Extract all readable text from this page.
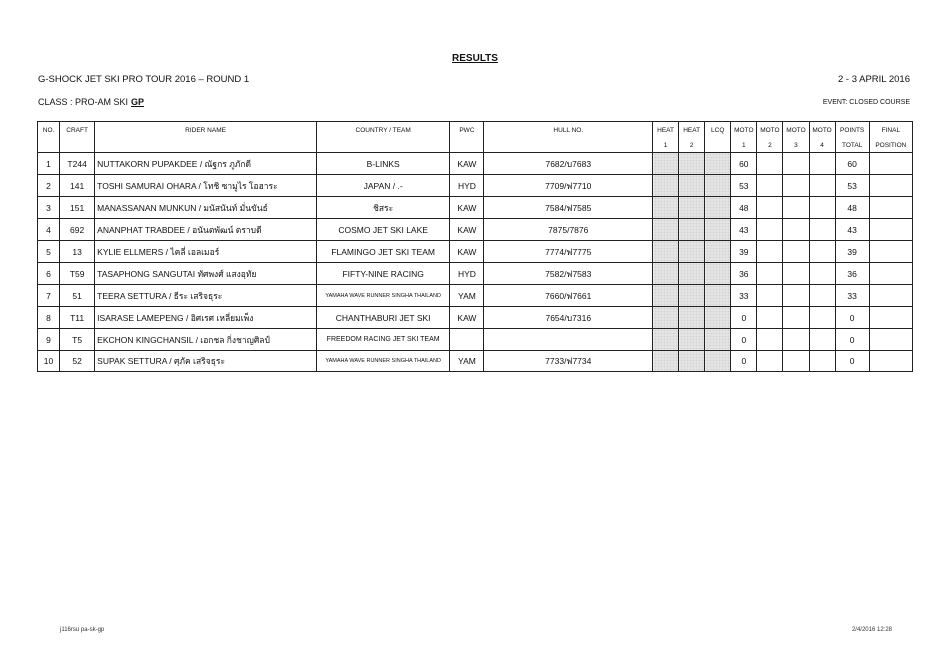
RESULTS
G-SHOCK JET SKI PRO TOUR 2016 – ROUND 1	2 - 3 APRIL 2016
CLASS : PRO-AM SKI GP	EVENT: CLOSED COURSE
NO.	CRAFT	RIDER NAME	COUNTRY / TEAM	PWC	HULL NO.	HEAT	HEAT	LCQ	MOTO	MOTO	MOTO	MOTO	POINTS	FINAL
						1	2		1	2	3	4	TOTAL	POSITION
1	T244	NUTTAKORN PUPAKDEE / ณัฐกร ภูภักดี	B-LINKS	KAW	7682/บ7683				60				60	
2	141	TOSHI SAMURAI OHARA / โทชิ ซามูไร โอฮาระ	JAPAN / .-	HYD	7709/ฟ7710				53				53	
3	151	MANASSANAN MUNKUN / มนัสนันท์ มั่นขันธ์	ชิสระ	KAW	7584/ฟ7585				48				48	
4	692	ANANPHAT TRABDEE / อนันตพัฒน์ ตราบดี	COSMO JET SKI LAKE	KAW	7875/7876				43				43	
5	13	KYLIE ELLMERS / ไคลี่ เอลเมอร์	FLAMINGO JET SKI TEAM	KAW	7774/ฟ7775				39				39	
6	T59	TASAPHONG SANGUTAI ทัศพงศ์ แสงอุทัย	FIFTY-NINE RACING	HYD	7582/ฟ7583				36				36	
7	51	TEERA SETTURA / ธีระ เสริจธุระ	YAMAHA WAVE RUNNER SINGHA THAILAND	YAM	7660/ฟ7661				33				33	
8	T11	ISARASE LAMEPENG / อิศเรศ เหลี่ยมเพ็ง	CHANTHABURI JET SKI	KAW	7654/บ7316				0				0	
9	T5	EKCHON KINGCHANSIL / เอกชล กิ่งชาญศิลป์	FREEDOM RACING JET SKI TEAM						0				0	
10	52	SUPAK SETTURA / ศุภัค เสริจธุระ	YAMAHA WAVE RUNNER SINGHA THAILAND	YAM	7733/ฟ7734				0				0	
j116rsu pa-sk-gp	2/4/2016 12:28
